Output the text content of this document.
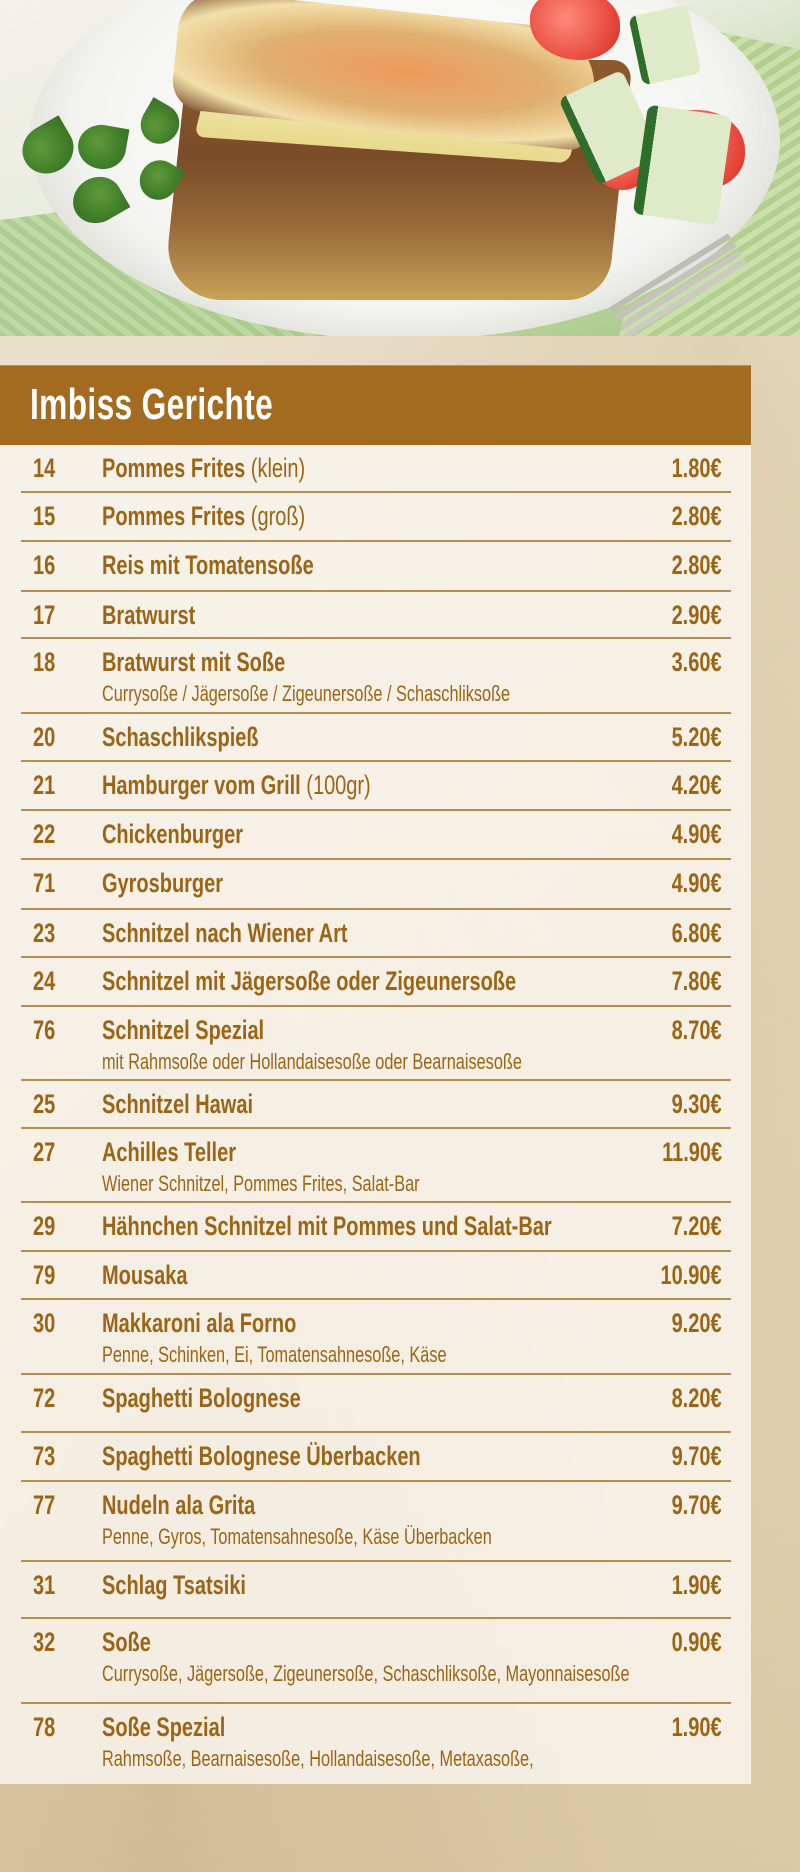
Imbiss Gerichte
14 Pommes Frites (klein)	1.80€
15 Pommes Frites (groß)	2.80€
16 Reis mit Tomatensoße	2.80€
17 Bratwurst	2.90€
18 Bratwurst mit Soße	3.60€
Currysoße / Jägersoße / Zigeunersoße / Schaschliksoße
20 Schaschlikspieß	5.20€
21 Hamburger vom Grill (100gr)	4.20€
22 Chickenburger	4.90€
71 Gyrosburger	4.90€
23 Schnitzel nach Wiener Art	6.80€
24 Schnitzel mit Jägersoße oder Zigeunersoße	7.80€
76 Schnitzel Spezial	8.70€
mit Rahmsoße oder Hollandaisesoße oder Bearnaisesoße
25 Schnitzel Hawai	9.30€
27 Achilles Teller	11.90€
Wiener Schnitzel, Pommes Frites, Salat-Bar
29 Hähnchen Schnitzel mit Pommes und Salat-Bar	7.20€
79 Mousaka	10.90€
30 Makkaroni ala Forno	9.20€
Penne, Schinken, Ei, Tomatensahnesoße, Käse
72 Spaghetti Bolognese	8.20€
73 Spaghetti Bolognese Überbacken	9.70€
77 Nudeln ala Grita	9.70€
Penne, Gyros, Tomatensahnesoße, Käse Überbacken
31 Schlag Tsatsiki	1.90€
32 Soße	0.90€
Currysoße, Jägersoße, Zigeunersoße, Schaschliksoße, Mayonnaisesoße
78 Soße Spezial	1.90€
Rahmsoße, Bearnaisesoße, Hollandaisesoße, Metaxasoße,
